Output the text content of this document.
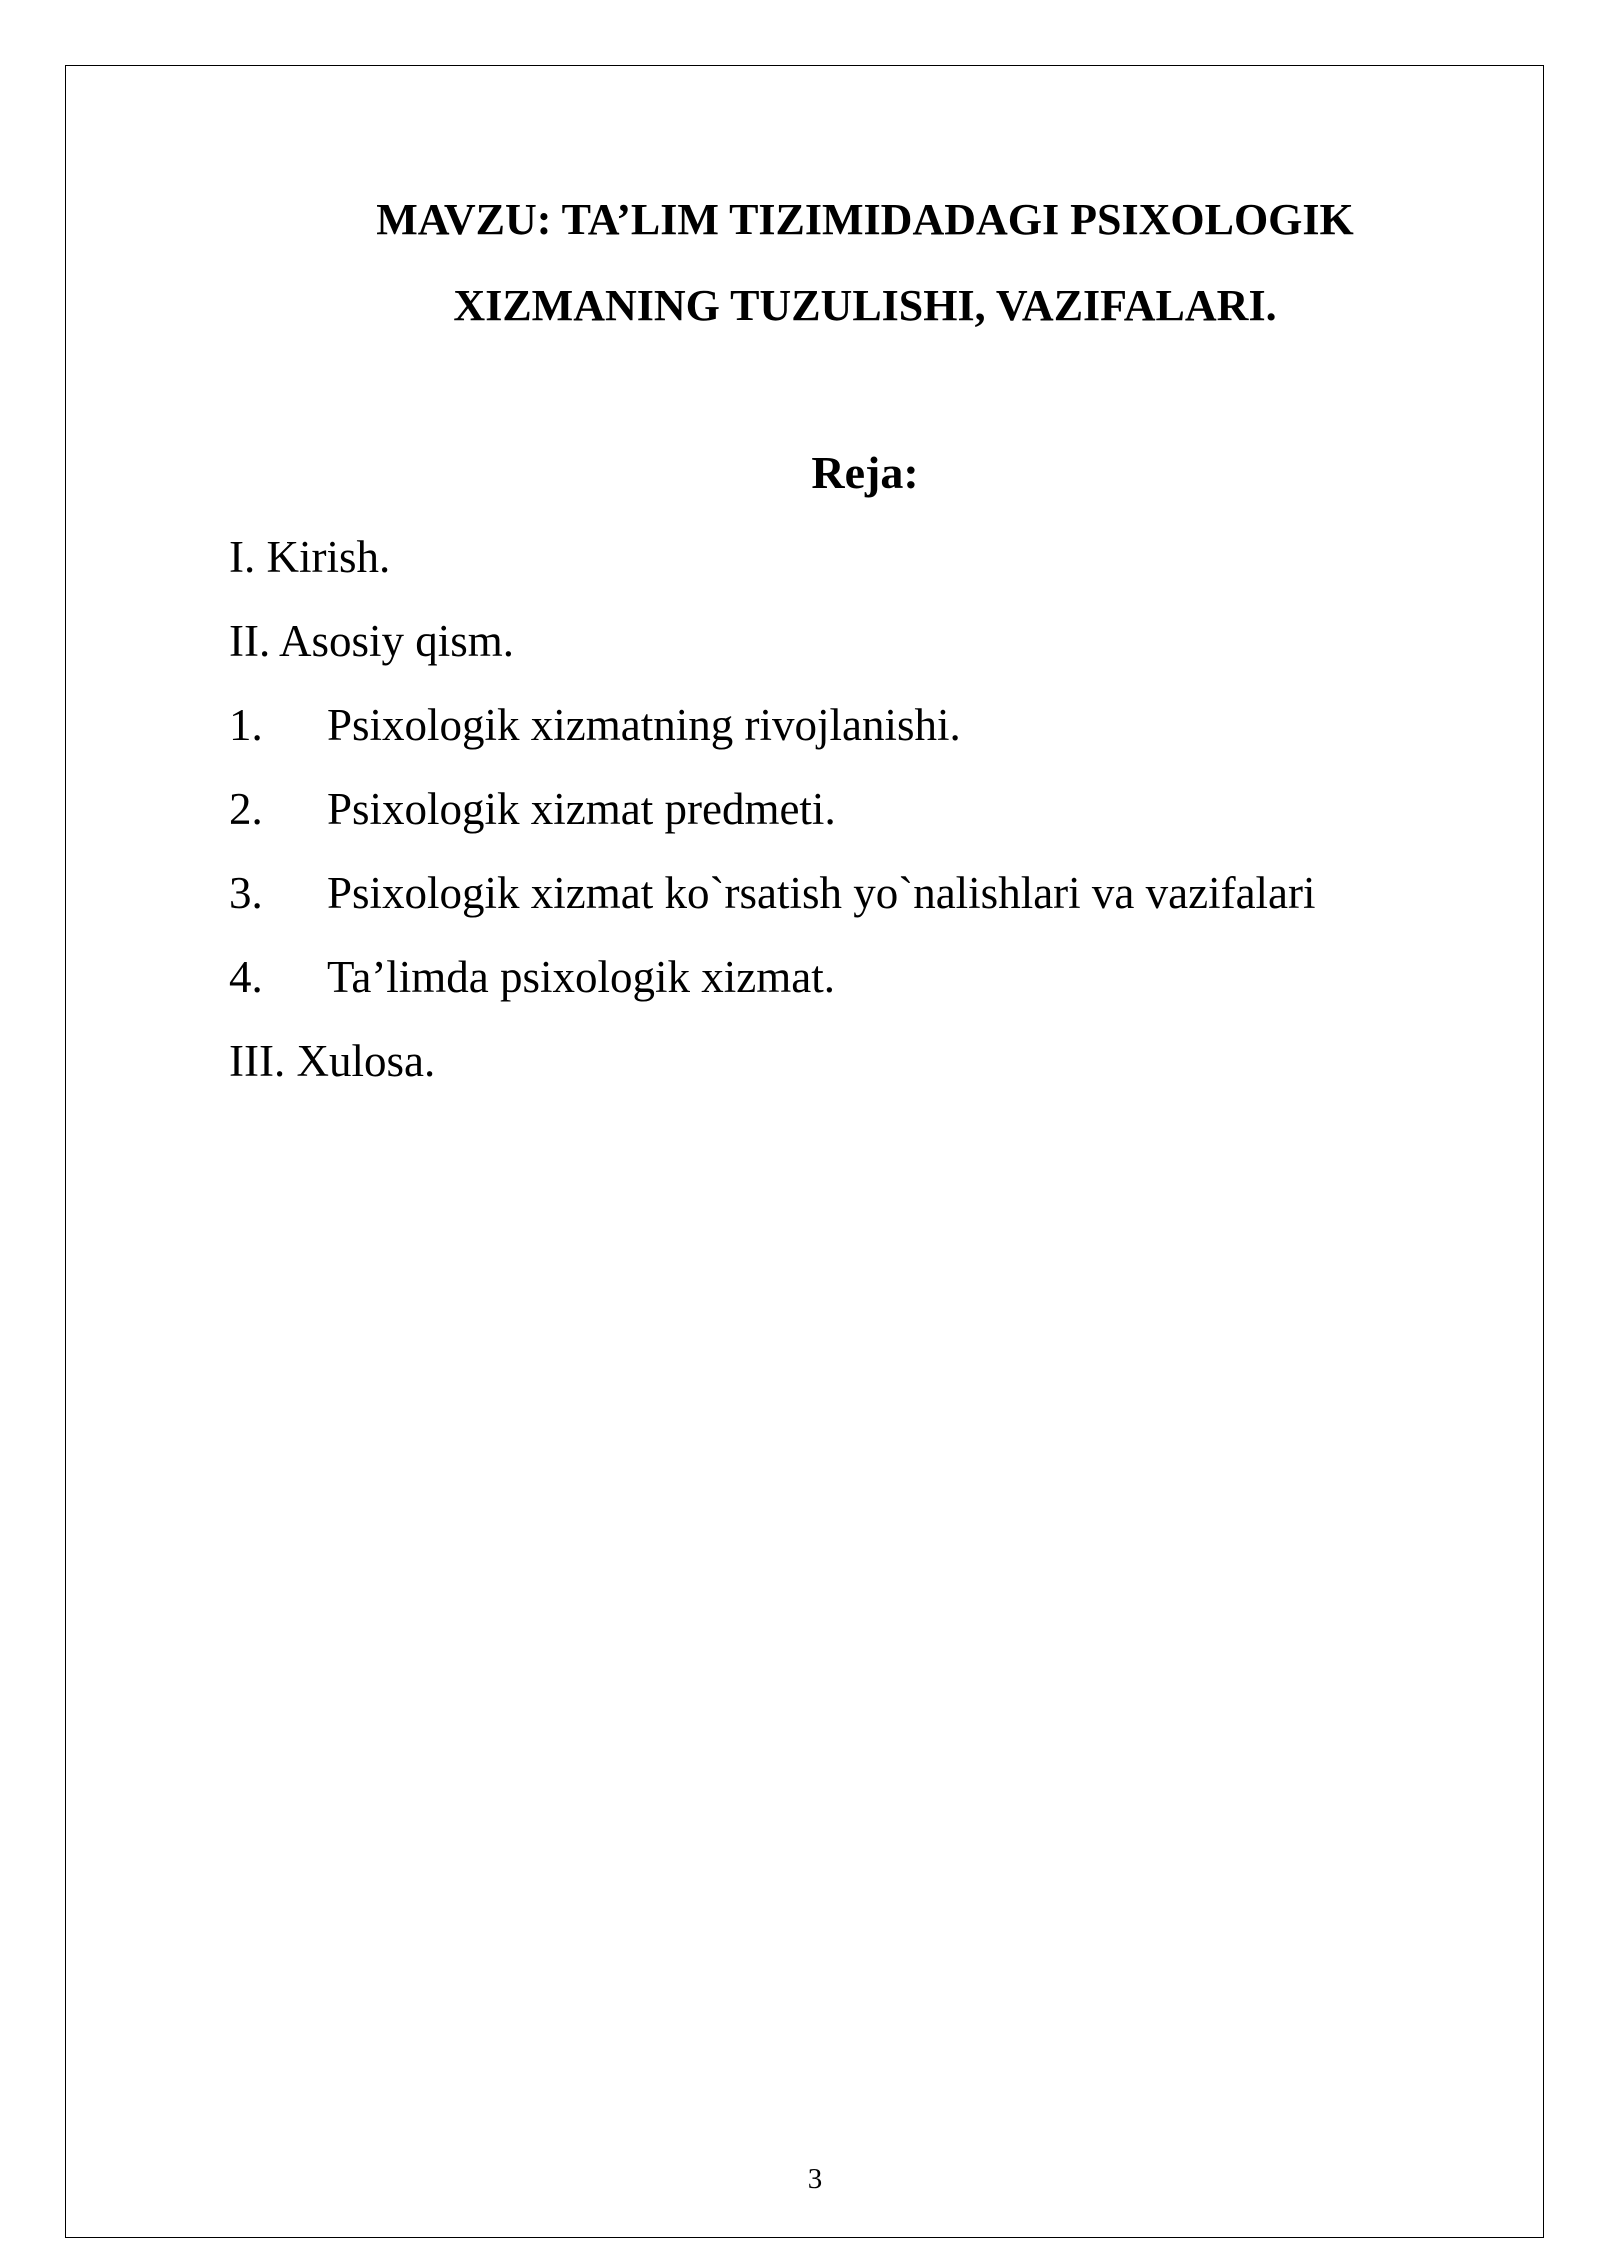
MAVZU: TA’LIM TIZIMIDADAGI PSIXOLOGIK
XIZMANING TUZULISHI, VAZIFALARI.
Reja:
I. Kirish.
II. Asosiy qism.
1. Psixologik xizmatning rivojlanishi.
2. Psixologik xizmat predmeti.
3. Psixologik xizmat ko`rsatish yo`nalishlari va vazifalari
4. Ta’limda psixologik xizmat.
III. Xulosa.
3
